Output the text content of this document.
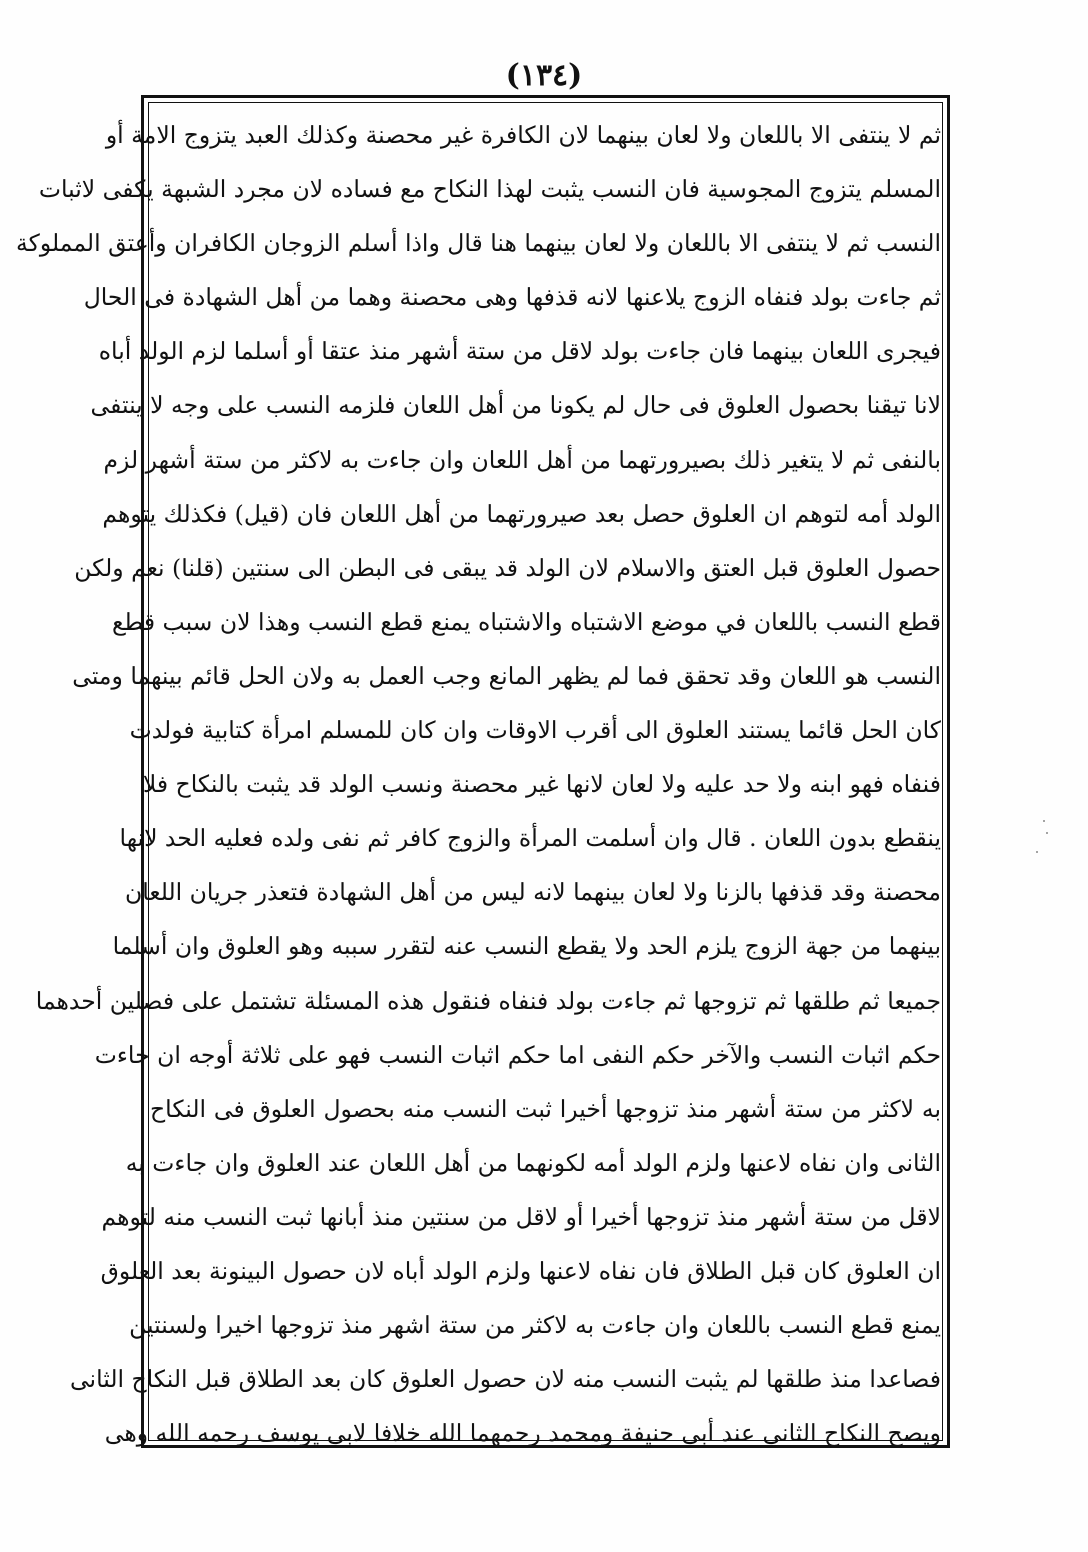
(١٣٤)
ثم لا ينتفى الا باللعان ولا لعان بينهما لان الكافرة غير محصنة وكذلك العبد يتزوج الامة أو
المسلم يتزوج المجوسية فان النسب يثبت لهذا النكاح مع فساده لان مجرد الشبهة يكفى لاثبات
النسب ثم لا ينتفى الا باللعان ولا لعان بينهما هنا قال واذا أسلم الزوجان الكافران وأعتق المملوكة
ثم جاءت بولد فنفاه الزوج يلاعنها لانه قذفها وهى محصنة وهما من أهل الشهادة فى الحال
فيجرى اللعان بينهما فان جاءت بولد لاقل من ستة أشهر منذ عتقا أو أسلما لزم الولد أباه
لانا تيقنا بحصول العلوق فى حال لم يكونا من أهل اللعان فلزمه النسب على وجه لا ينتفى
بالنفى ثم لا يتغير ذلك بصيرورتهما من أهل اللعان وان جاءت به لاكثر من ستة أشهر لزم
الولد أمه لتوهم ان العلوق حصل بعد صيرورتهما من أهل اللعان فان (قيل) فكذلك يتوهم
حصول العلوق قبل العتق والاسلام لان الولد قد يبقى فى البطن الى سنتين (قلنا) نعم ولكن
قطع النسب باللعان في موضع الاشتباه والاشتباه يمنع قطع النسب وهذا لان سبب قطع
النسب هو اللعان وقد تحقق فما لم يظهر المانع وجب العمل به ولان الحل قائم بينهما ومتى
كان الحل قائما يستند العلوق الى أقرب الاوقات وان كان للمسلم امرأة كتابية فولدت
فنفاه فهو ابنه ولا حد عليه ولا لعان لانها غير محصنة ونسب الولد قد يثبت بالنكاح فلا
ينقطع بدون اللعان . قال وان أسلمت المرأة والزوج كافر ثم نفى ولده فعليه الحد لانها
محصنة وقد قذفها بالزنا ولا لعان بينهما لانه ليس من أهل الشهادة فتعذر جريان اللعان
بينهما من جهة الزوج يلزم الحد ولا يقطع النسب عنه لتقرر سببه وهو العلوق وان أسلما
جميعا ثم طلقها ثم تزوجها ثم جاءت بولد فنفاه فنقول هذه المسئلة تشتمل على فصلين أحدهما
حكم اثبات النسب والآخر حكم النفى اما حكم اثبات النسب فهو على ثلاثة أوجه ان جاءت
به لاكثر من ستة أشهر منذ تزوجها أخيرا ثبت النسب منه بحصول العلوق فى النكاح
الثانى وان نفاه لاعنها ولزم الولد أمه لكونهما من أهل اللعان عند العلوق وان جاءت به
لاقل من ستة أشهر منذ تزوجها أخيرا أو لاقل من سنتين منذ أبانها ثبت النسب منه لتوهم
ان العلوق كان قبل الطلاق فان نفاه لاعنها ولزم الولد أباه لان حصول البينونة بعد العلوق
يمنع قطع النسب باللعان وان جاءت به لاكثر من ستة اشهر منذ تزوجها اخيرا ولسنتين
فصاعدا منذ طلقها لم يثبت النسب منه لان حصول العلوق كان بعد الطلاق قبل النكاح الثانى
ويصح النكاح الثانى عند أبى حنيفة ومحمد رحمهما الله خلافا لابى يوسف رحمه الله وهى
